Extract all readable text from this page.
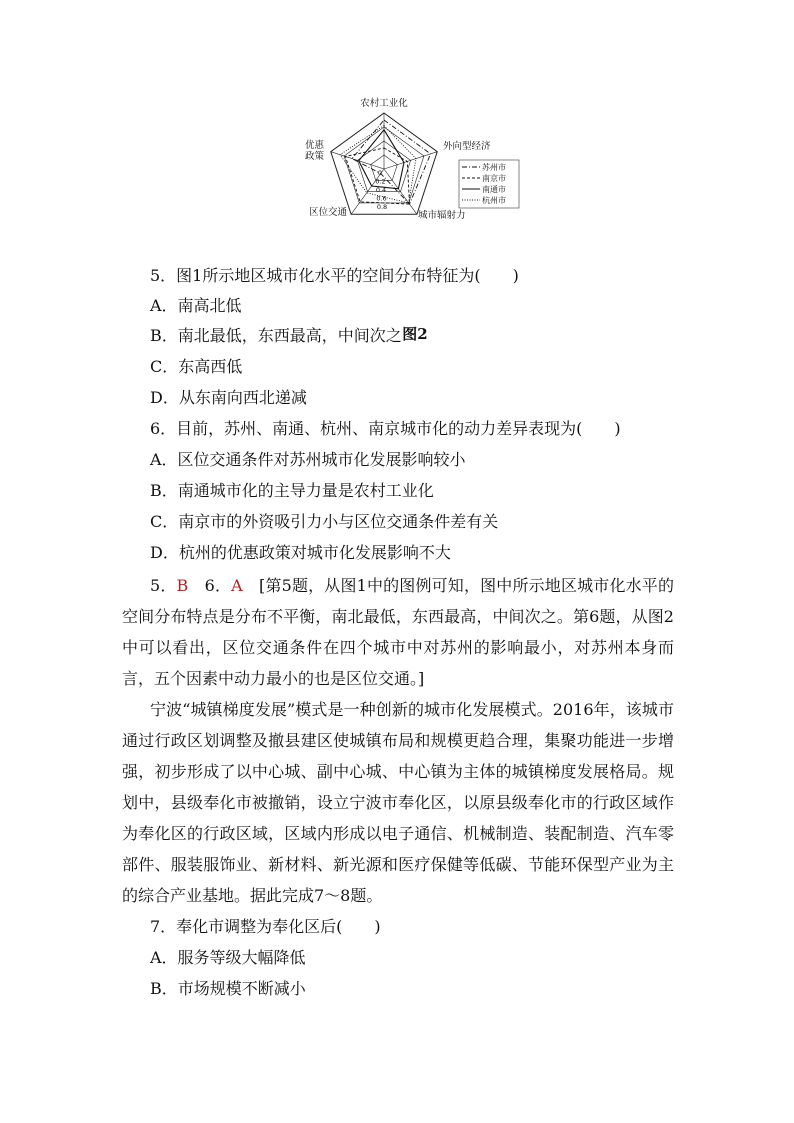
0
0.2
0.4
0.6
0.8
农村工业化
外向型经济
城市辐射力
区位交通
优惠
政策
苏州市
南京市
南通市
杭州市
图2
5．图1所示地区城市化水平的空间分布特征为(　　)
A．南高北低
B．南北最低，东西最高，中间次之
C．东高西低
D．从东南向西北递减
6．目前，苏州、南通、杭州、南京城市化的动力差异表现为(　　)
A．区位交通条件对苏州城市化发展影响较小
B．南通城市化的主导力量是农村工业化
C．南京市的外资吸引力小与区位交通条件差有关
D．杭州的优惠政策对城市化发展影响不大
5．B　 6．A　 [第5题，从图1中的图例可知，图中所示地区城市化水平的空间分布特点是分布不平衡，南北最低，东西最高，中间次之。第6题，从图2中可以看出，区位交通条件在四个城市中对苏州的影响最小，对苏州本身而言，五个因素中动力最小的也是区位交通。]
宁波“城镇梯度发展”模式是一种创新的城市化发展模式。2016年，该城市通过行政区划调整及撤县建区使城镇布局和规模更趋合理，集聚功能进一步增强，初步形成了以中心城、副中心城、中心镇为主体的城镇梯度发展格局。规划中，县级奉化市被撤销，设立宁波市奉化区，以原县级奉化市的行政区域作为奉化区的行政区域，区域内形成以电子通信、机械制造、装配制造、汽车零部件、服装服饰业、新材料、新光源和医疗保健等低碳、节能环保型产业为主的综合产业基地。据此完成7～8题。
7．奉化市调整为奉化区后(　　)
A．服务等级大幅降低
B．市场规模不断减小
